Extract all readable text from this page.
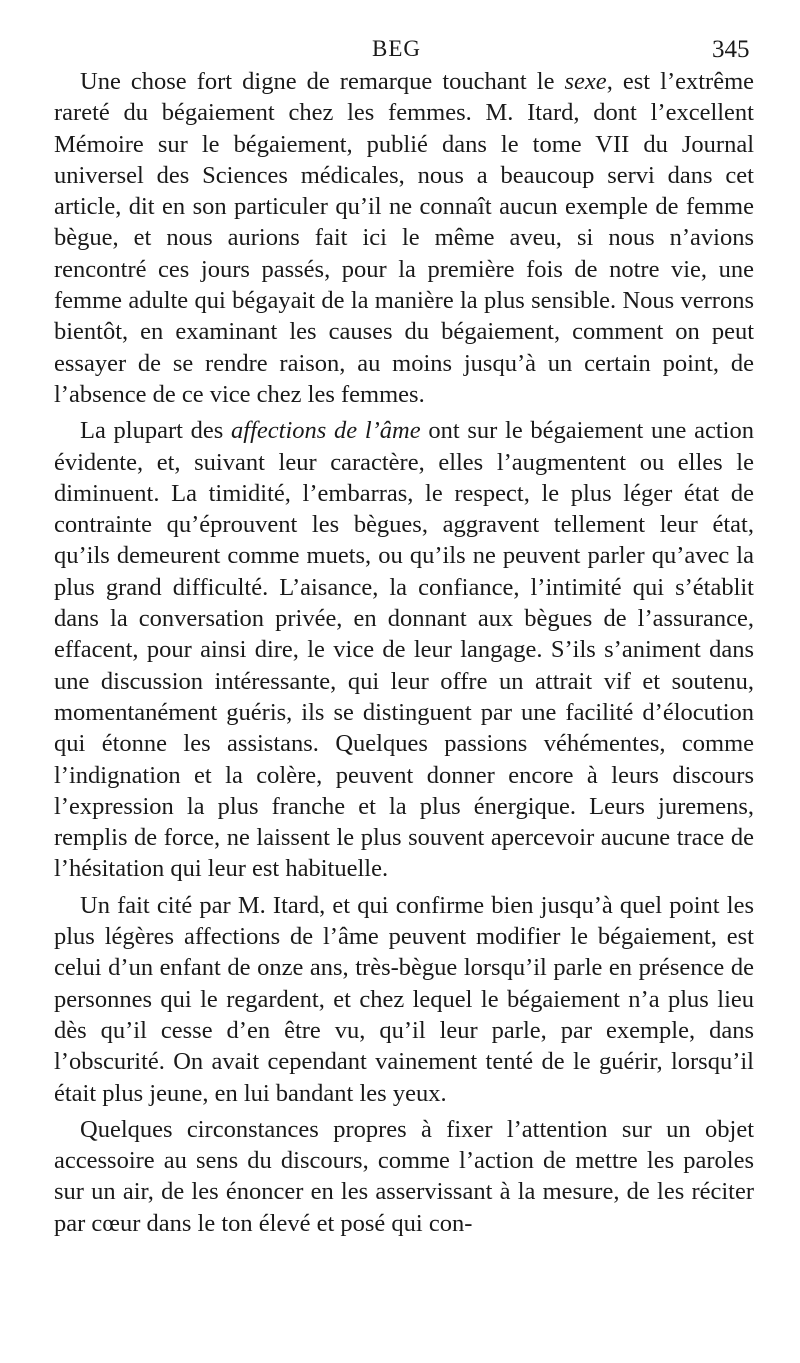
BEG	345

Une chose fort digne de remarque touchant le sexe, est l’extrême rareté du bégaiement chez les femmes. M. Itard, dont l’excellent Mémoire sur le bégaiement, publié dans le tome VII du Journal universel des Sciences médicales, nous a beaucoup servi dans cet article, dit en son particuler qu’il ne connaît aucun exemple de femme bègue, et nous aurions fait ici le même aveu, si nous n’avions rencontré ces jours passés, pour la première fois de notre vie, une femme adulte qui bégayait de la manière la plus sensible. Nous verrons bientôt, en examinant les causes du bégaiement, comment on peut essayer de se rendre raison, au moins jusqu’à un certain point, de l’absence de ce vice chez les femmes.

La plupart des affections de l’âme ont sur le bégaiement une action évidente, et, suivant leur caractère, elles l’augmentent ou elles le diminuent. La timidité, l’embarras, le respect, le plus léger état de contrainte qu’éprouvent les bègues, aggravent tellement leur état, qu’ils demeurent comme muets, ou qu’ils ne peuvent parler qu’avec la plus grand difficulté. L’aisance, la confiance, l’intimité qui s’établit dans la conversation privée, en donnant aux bègues de l’assurance, effacent, pour ainsi dire, le vice de leur langage. S’ils s’animent dans une discussion intéressante, qui leur offre un attrait vif et soutenu, momentanément guéris, ils se distinguent par une facilité d’élocution qui étonne les assistans. Quelques passions véhémentes, comme l’indignation et la colère, peuvent donner encore à leurs discours l’expression la plus franche et la plus énergique. Leurs juremens, remplis de force, ne laissent le plus souvent apercevoir aucune trace de l’hésitation qui leur est habituelle.

Un fait cité par M. Itard, et qui confirme bien jusqu’à quel point les plus légères affections de l’âme peuvent modifier le bégaiement, est celui d’un enfant de onze ans, très-bègue lorsqu’il parle en présence de personnes qui le regardent, et chez lequel le bégaiement n’a plus lieu dès qu’il cesse d’en être vu, qu’il leur parle, par exemple, dans l’obscurité. On avait cependant vainement tenté de le guérir, lorsqu’il était plus jeune, en lui bandant les yeux.

Quelques circonstances propres à fixer l’attention sur un objet accessoire au sens du discours, comme l’action de mettre les paroles sur un air, de les énoncer en les asservissant à la mesure, de les réciter par cœur dans le ton élevé et posé qui con-
